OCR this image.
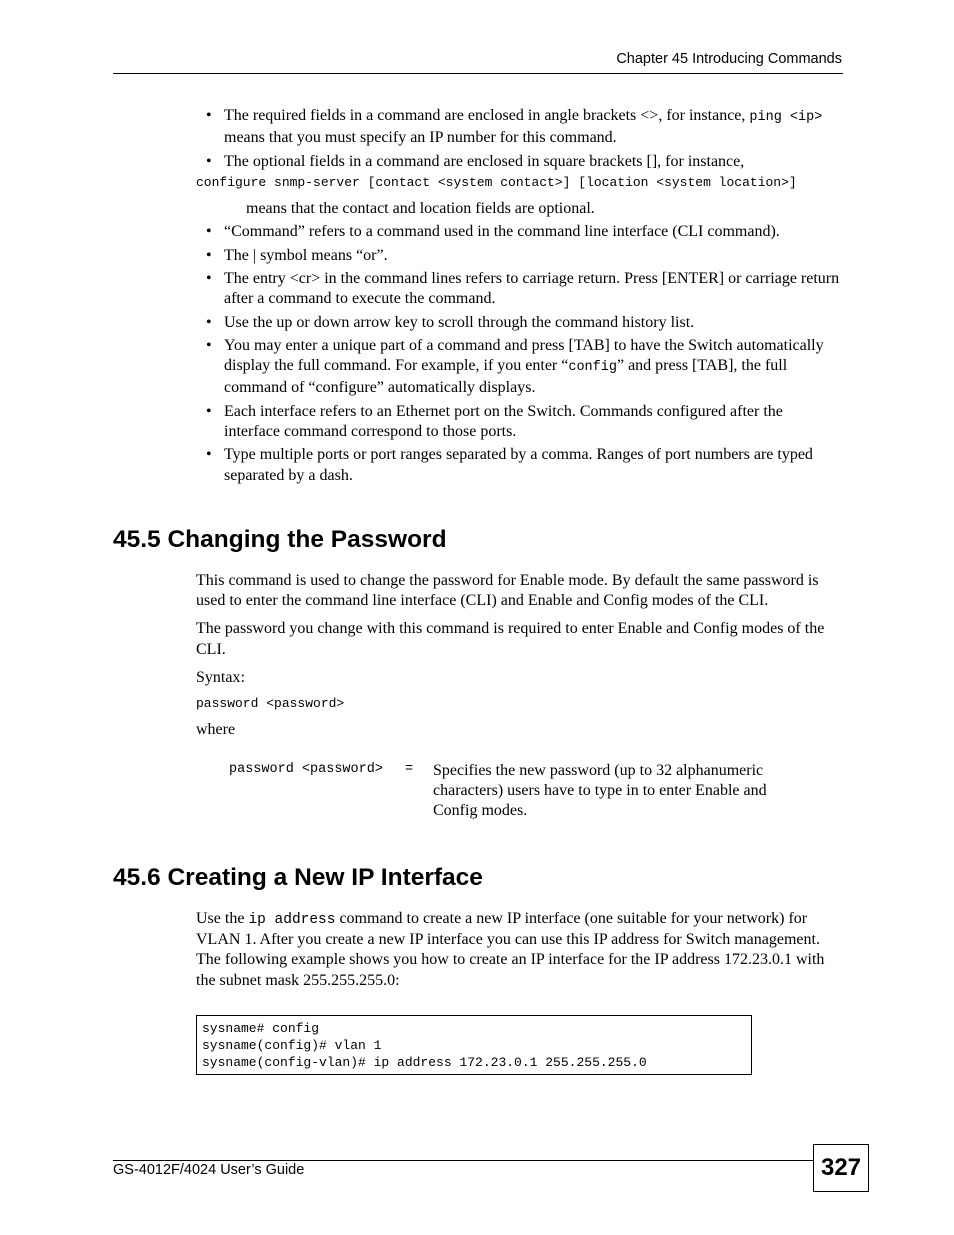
Chapter 45 Introducing Commands
• The required fields in a command are enclosed in angle brackets <>, for instance, ping <ip> means that you must specify an IP number for this command.
• The optional fields in a command are enclosed in square brackets [], for instance,
configure snmp-server [contact <system contact>] [location <system location>]
means that the contact and location fields are optional.
• “Command” refers to a command used in the command line interface (CLI command).
• The | symbol means “or”.
• The entry <cr> in the command lines refers to carriage return. Press [ENTER] or carriage return after a command to execute the command.
• Use the up or down arrow key to scroll through the command history list.
• You may enter a unique part of a command and press [TAB] to have the Switch automatically display the full command. For example, if you enter “config” and press [TAB], the full command of “configure” automatically displays.
• Each interface refers to an Ethernet port on the Switch. Commands configured after the interface command correspond to those ports.
• Type multiple ports or port ranges separated by a comma. Ranges of port numbers are typed separated by a dash.
45.5 Changing the Password

This command is used to change the password for Enable mode. By default the same password is used to enter the command line interface (CLI) and Enable and Config modes of the CLI.

The password you change with this command is required to enter Enable and Config modes of the CLI.

Syntax:

password <password>

where

password <password> = Specifies the new password (up to 32 alphanumeric characters) users have to type in to enter Enable and Config modes.
45.6 Creating a New IP Interface

Use the ip address command to create a new IP interface (one suitable for your network) for VLAN 1. After you create a new IP interface you can use this IP address for Switch management. The following example shows you how to create an IP interface for the IP address 172.23.0.1 with the subnet mask 255.255.255.0:

sysname# config
sysname(config)# vlan 1
sysname(config-vlan)# ip address 172.23.0.1 255.255.255.0
GS-4012F/4024 User’s Guide	327
